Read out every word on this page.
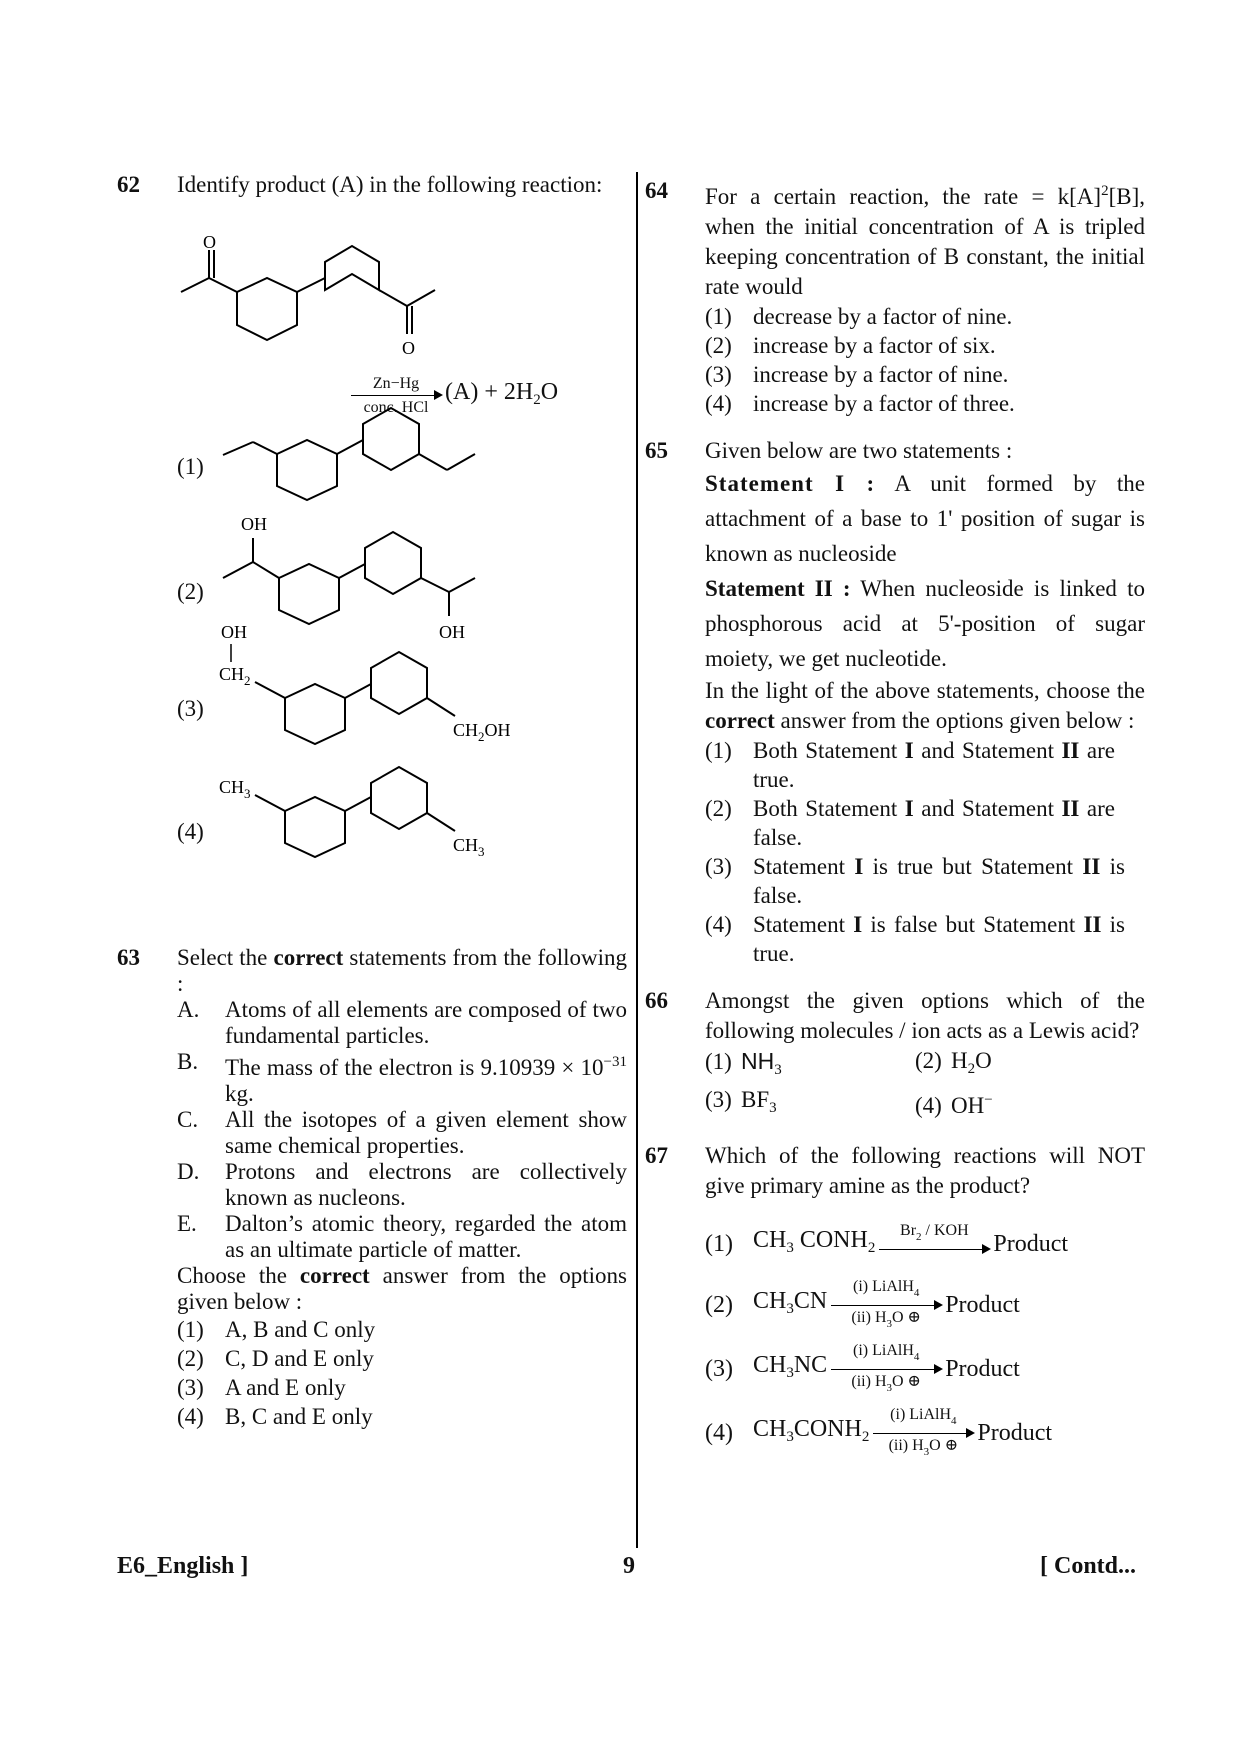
62 Identify product (A) in the following reaction:
O
O
Zn−Hg
conc. HCl
$(A) + 2H_2O$
(1)
(2)
OH
OH
(3)
OH
$CH_2$
$CH_2OH$
(4)
$CH_3$
$CH_3$
63 Select the correct statements from the following :
A.	Atoms of all elements are composed of two fundamental particles.
B.	The mass of the electron is $9.10939 \times 10^{-31}$ kg.
C.	All the isotopes of a given element show same chemical properties.
D.	Protons and electrons are collectively known as nucleons.
E.	Dalton’s atomic theory, regarded the atom as an ultimate particle of matter.
Choose the correct answer from the options given below :
(1) A, B and C only
(2) C, D and E only
(3) A and E only
(4) B, C and E only
64 For a certain reaction, the rate = $k[A]^2[B]$, when the initial concentration of A is tripled keeping concentration of B constant, the initial rate would
(1) decrease by a factor of nine.
(2) increase by a factor of six.
(3) increase by a factor of nine.
(4) increase by a factor of three.
65 Given below are two statements :
Statement I : A unit formed by the attachment of a base to 1' position of sugar is known as nucleoside
Statement II : When nucleoside is linked to phosphorous acid at 5'-position of sugar moiety, we get nucleotide.
In the light of the above statements, choose the correct answer from the options given below :
(1) Both Statement I and Statement II are true.
(2) Both Statement I and Statement II are false.
(3) Statement I is true but Statement II is false.
(4) Statement I is false but Statement II is true.
66 Amongst the given options which of the following molecules / ion acts as a Lewis acid?
(1) $NH_3$	(2) $H_2O$
(3) $BF_3$	(4) OH−
67 Which of the following reactions will NOT give primary amine as the product?
(1) $CH_3$ $CONH_2$
$Br_2$ / KOH
Product
(2) $CH_3CN$
(i) LiAlH$_4$
(ii) $H_3O$ ⊕ Product
(3) $CH_3NC$
(i) LiAlH$_4$
(ii) $H_3O$ ⊕ Product
(4) $CH_3CONH_2$
(i) LiAlH$_4$
(ii) $H_3O$ ⊕ Product
E6_English ]	9	[ Contd...
